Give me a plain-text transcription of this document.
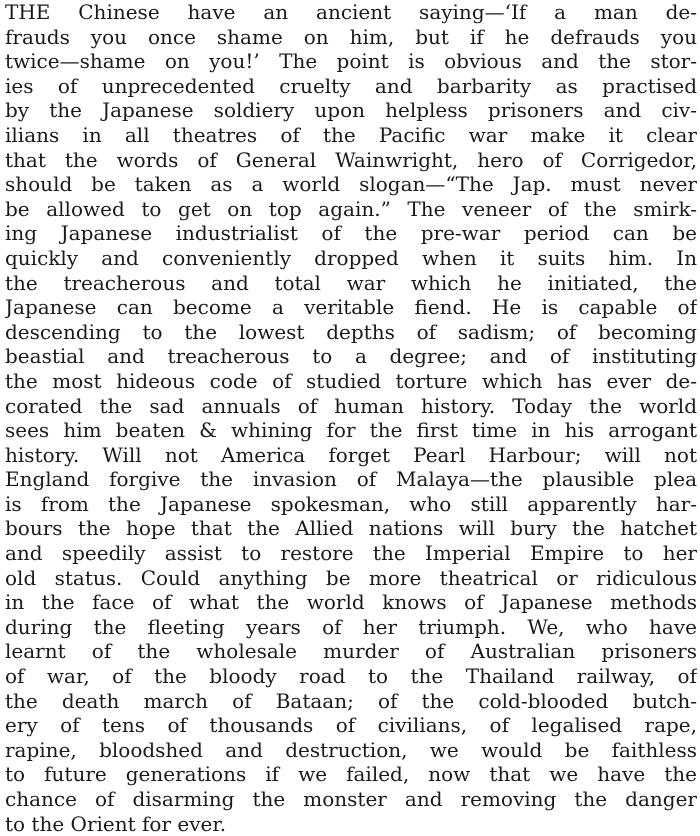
THE Chinese have an ancient saying—‘If a man de-
frauds you once shame on him, but if he defrauds you
twice—shame on you!’ The point is obvious and the stor-
ies of unprecedented cruelty and barbarity as practised
by the Japanese soldiery upon helpless prisoners and civ-
ilians in all theatres of the Pacific war make it clear
that the words of General Wainwright, hero of Corrigedor,
should be taken as a world slogan—“The Jap. must never
be allowed to get on top again.” The veneer of the smirk-
ing Japanese industrialist of the pre-war period can be
quickly and conveniently dropped when it suits him. In
the treacherous and total war which he initiated, the
Japanese can become a veritable fiend. He is capable of
descending to the lowest depths of sadism; of becoming
beastial and treacherous to a degree; and of instituting
the most hideous code of studied torture which has ever de-
corated the sad annuals of human history. Today the world
sees him beaten & whining for the first time in his arrogant
history. Will not America forget Pearl Harbour; will not
England forgive the invasion of Malaya—the plausible plea
is from the Japanese spokesman, who still apparently har-
bours the hope that the Allied nations will bury the hatchet
and speedily assist to restore the Imperial Empire to her
old status. Could anything be more theatrical or ridiculous
in the face of what the world knows of Japanese methods
during the fleeting years of her triumph. We, who have
learnt of the wholesale murder of Australian prisoners
of war, of the bloody road to the Thailand railway, of
the death march of Bataan; of the cold-blooded butch-
ery of tens of thousands of civilians, of legalised rape,
rapine, bloodshed and destruction, we would be faithless
to future generations if we failed, now that we have the
chance of disarming the monster and removing the danger
to the Orient for ever.
